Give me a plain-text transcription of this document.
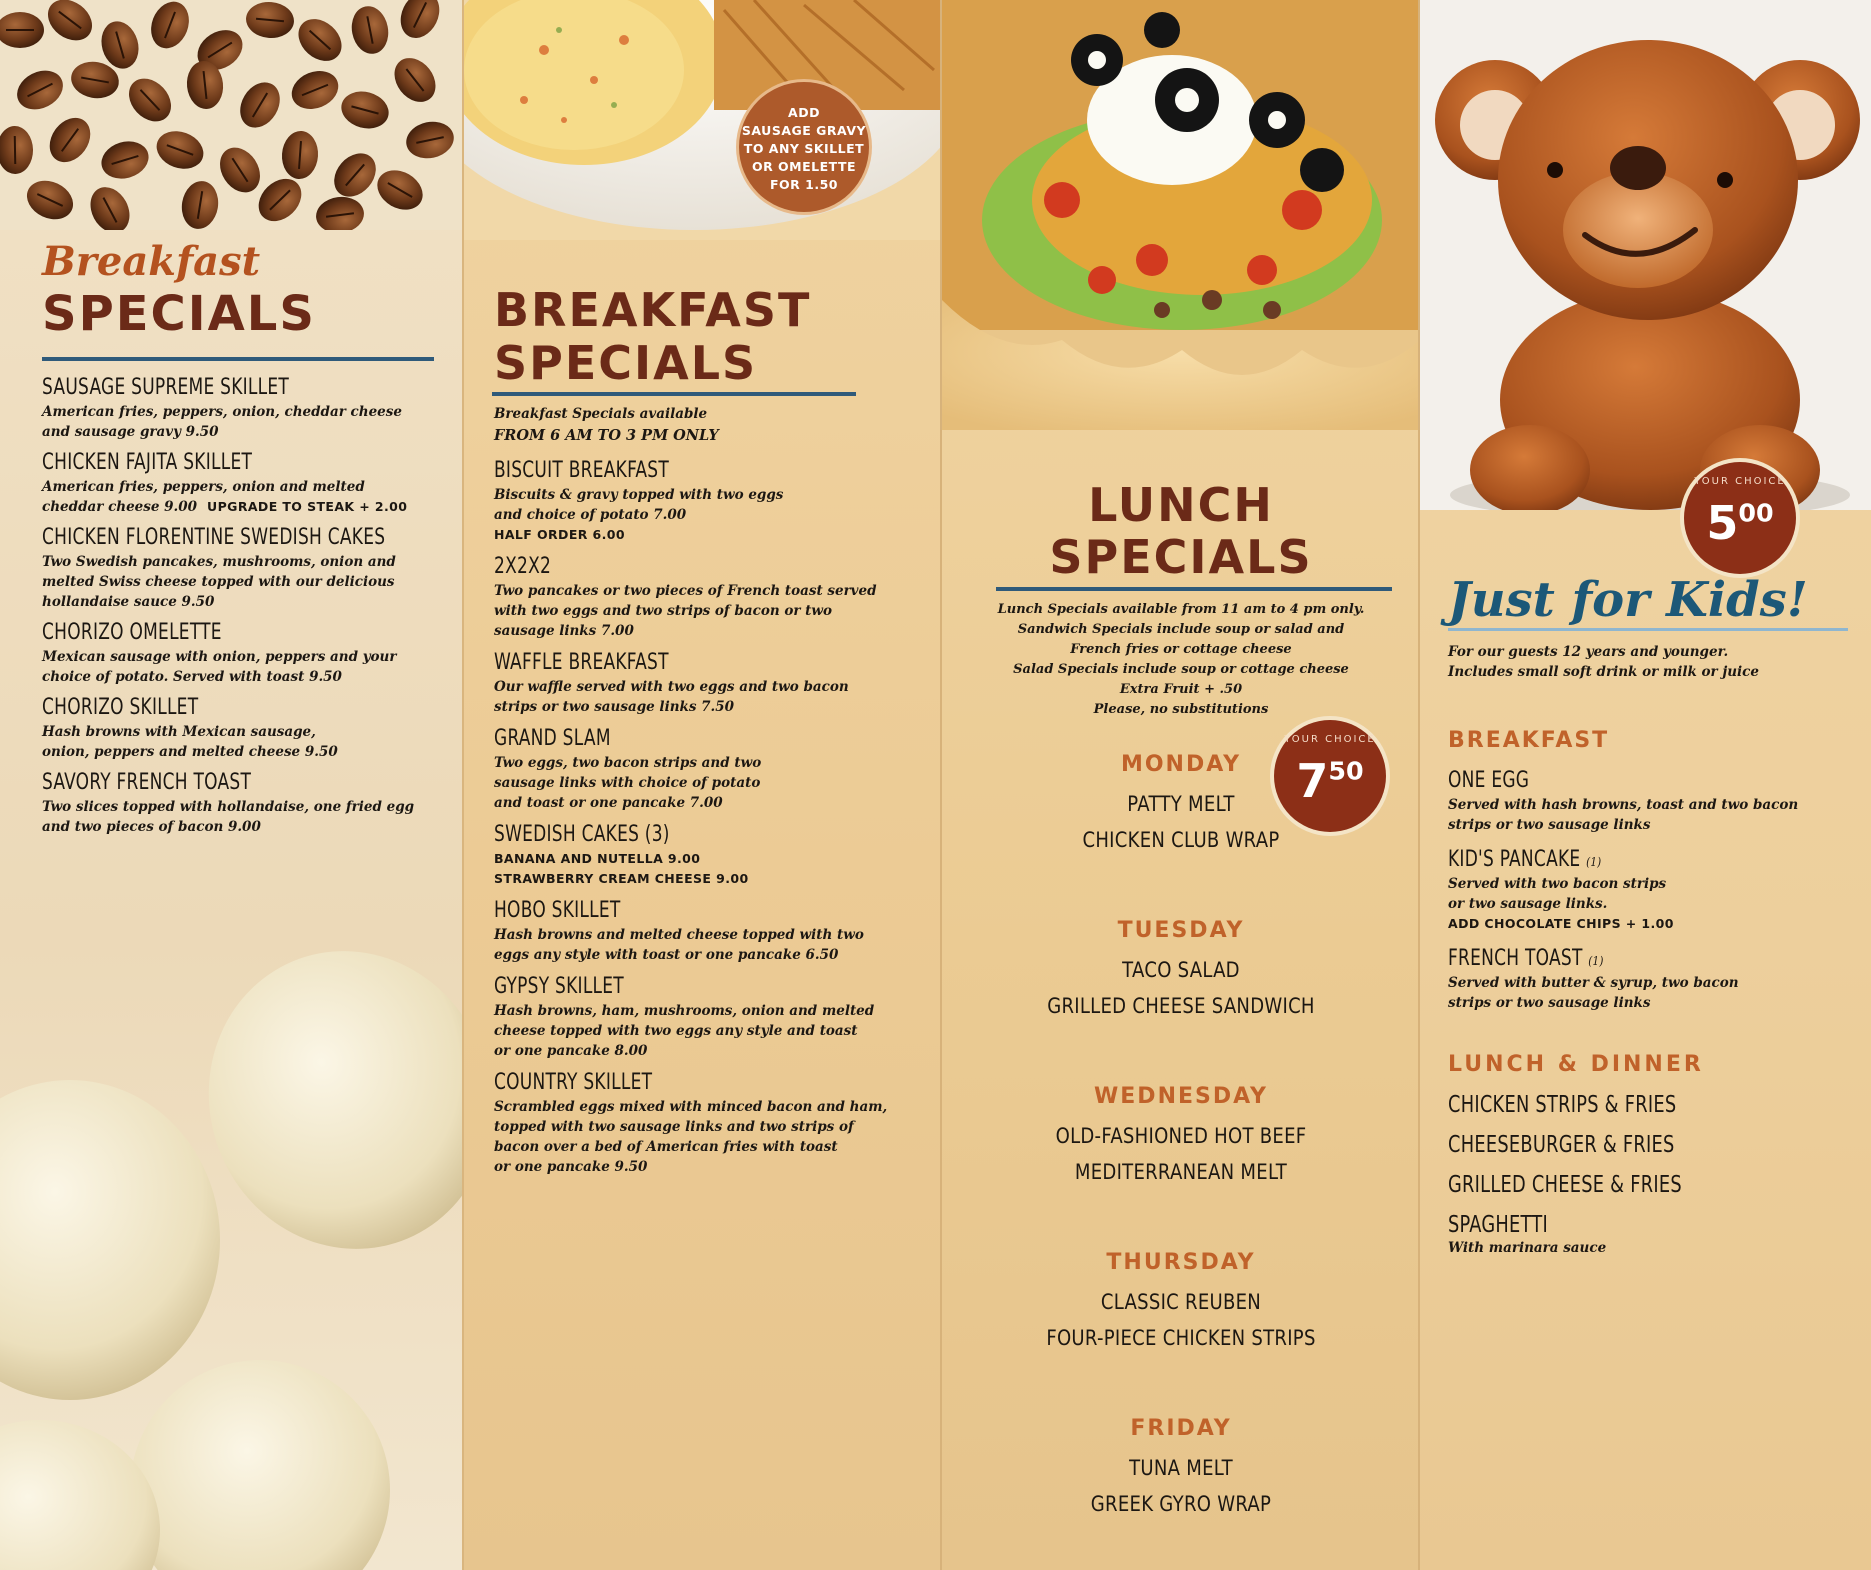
Breakfast
SPECIALS
SAUSAGE SUPREME SKILLET
American fries, peppers, onion, cheddar cheese
and sausage gravy 9.50
CHICKEN FAJITA SKILLET
American fries, peppers, onion and melted
cheddar cheese 9.00 UPGRADE TO STEAK + 2.00
CHICKEN FLORENTINE SWEDISH CAKES
Two Swedish pancakes, mushrooms, onion and
melted Swiss cheese topped with our delicious
hollandaise sauce 9.50
CHORIZO OMELETTE
Mexican sausage with onion, peppers and your
choice of potato. Served with toast 9.50
CHORIZO SKILLET
Hash browns with Mexican sausage,
onion, peppers and melted cheese 9.50
SAVORY FRENCH TOAST
Two slices topped with hollandaise, one fried egg
and two pieces of bacon 9.00
ADD
SAUSAGE GRAVY
TO ANY SKILLET
OR OMELETTE
FOR 1.50
BREAKFAST
SPECIALS
Breakfast Specials available
FROM 6 AM TO 3 PM ONLY
BISCUIT BREAKFAST
Biscuits & gravy topped with two eggs
and choice of potato 7.00
HALF ORDER 6.00
2X2X2
Two pancakes or two pieces of French toast served
with two eggs and two strips of bacon or two
sausage links 7.00
WAFFLE BREAKFAST
Our waffle served with two eggs and two bacon
strips or two sausage links 7.50
GRAND SLAM
Two eggs, two bacon strips and two
sausage links with choice of potato
and toast or one pancake 7.00
SWEDISH CAKES (3)
BANANA AND NUTELLA 9.00
STRAWBERRY CREAM CHEESE 9.00
HOBO SKILLET
Hash browns and melted cheese topped with two
eggs any style with toast or one pancake 6.50
GYPSY SKILLET
Hash browns, ham, mushrooms, onion and melted
cheese topped with two eggs any style and toast
or one pancake 8.00
COUNTRY SKILLET
Scrambled eggs mixed with minced bacon and ham,
topped with two sausage links and two strips of
bacon over a bed of American fries with toast
or one pancake 9.50
LUNCH
SPECIALS
Lunch Specials available from 11 am to 4 pm only.
Sandwich Specials include soup or salad and
French fries or cottage cheese
Salad Specials include soup or cottage cheese
Extra Fruit + .50
Please, no substitutions
YOUR CHOICE
$7^{50}$
MONDAY
PATTY MELT
CHICKEN CLUB WRAP
TUESDAY
TACO SALAD
GRILLED CHEESE SANDWICH
WEDNESDAY
OLD-FASHIONED HOT BEEF
MEDITERRANEAN MELT
THURSDAY
CLASSIC REUBEN
FOUR-PIECE CHICKEN STRIPS
FRIDAY
TUNA MELT
GREEK GYRO WRAP
YOUR CHOICE
$5^{00}$
Just for Kids!
For our guests 12 years and younger.
Includes small soft drink or milk or juice
BREAKFAST
ONE EGG
Served with hash browns, toast and two bacon
strips or two sausage links
KID'S PANCAKE (1)
Served with two bacon strips
or two sausage links.
ADD CHOCOLATE CHIPS + 1.00
FRENCH TOAST (1)
Served with butter & syrup, two bacon
strips or two sausage links
LUNCH & DINNER
CHICKEN STRIPS & FRIES
CHEESEBURGER & FRIES
GRILLED CHEESE & FRIES
SPAGHETTI
With marinara sauce
